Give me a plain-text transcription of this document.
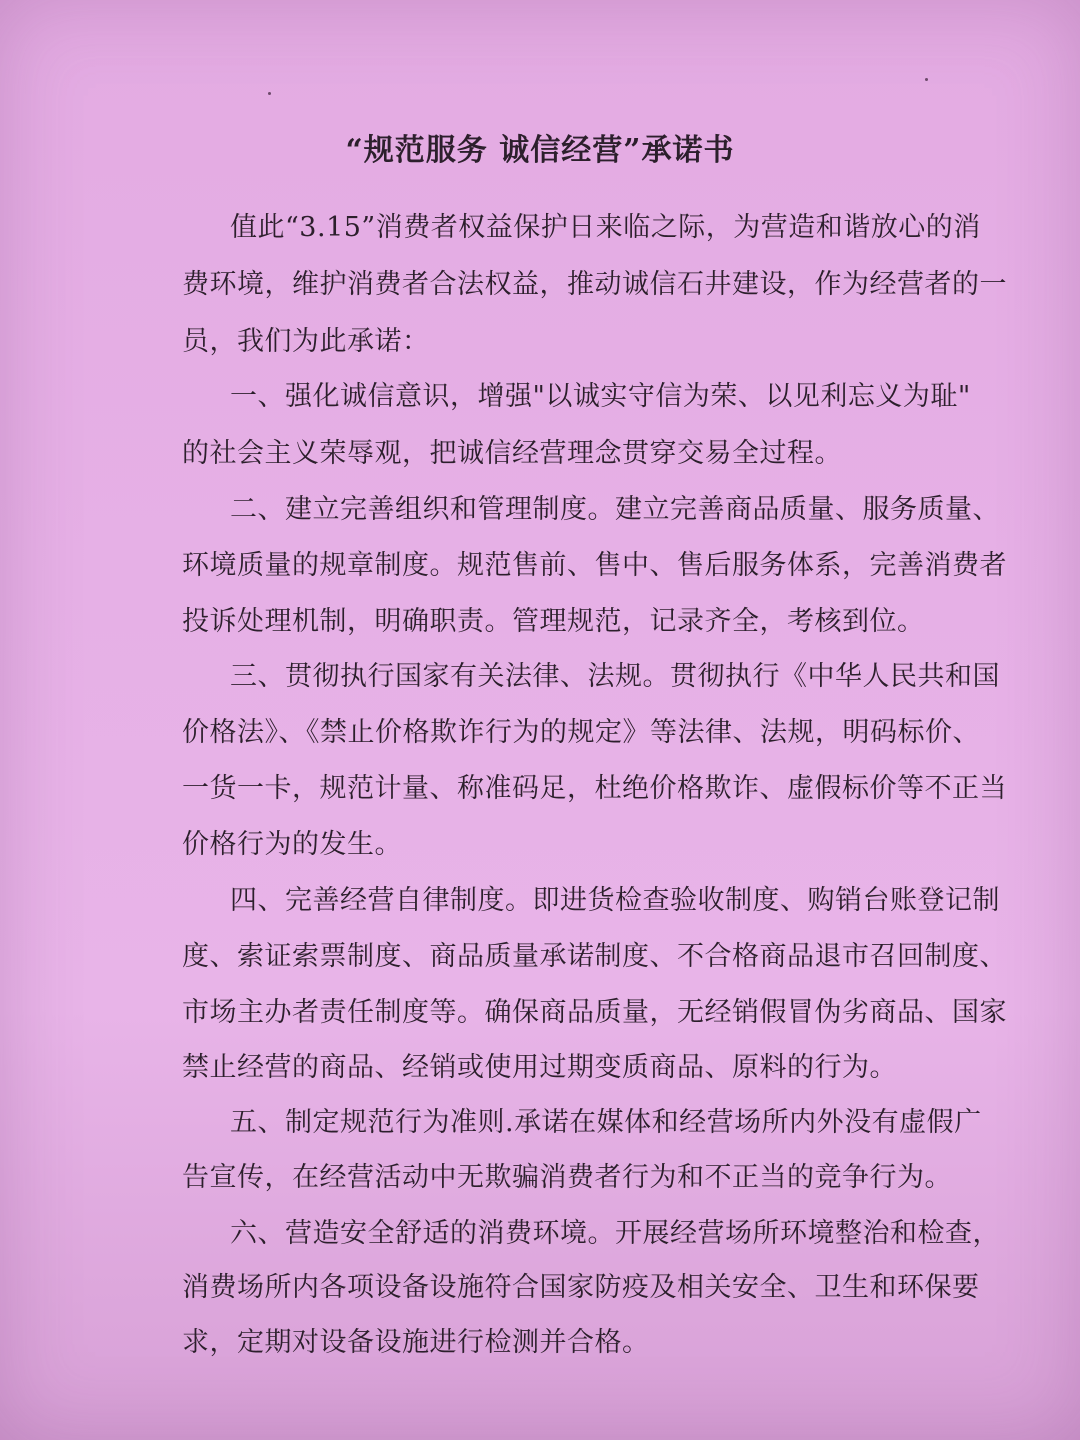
“规范服务 诚信经营”承诺书
值此“3.15”消费者权益保护日来临之际，为营造和谐放心的消
费环境，维护消费者合法权益，推动诚信石井建设，作为经营者的一
员，我们为此承诺：
一、强化诚信意识，增强"以诚实守信为荣、以见利忘义为耻"
的社会主义荣辱观，把诚信经营理念贯穿交易全过程。
二、建立完善组织和管理制度。建立完善商品质量、服务质量、
环境质量的规章制度。规范售前、售中、售后服务体系，完善消费者
投诉处理机制，明确职责。管理规范，记录齐全，考核到位。
三、贯彻执行国家有关法律、法规。贯彻执行《中华人民共和国
价格法》、《禁止价格欺诈行为的规定》等法律、法规，明码标价、
一货一卡，规范计量、称准码足，杜绝价格欺诈、虚假标价等不正当
价格行为的发生。
四、完善经营自律制度。即进货检查验收制度、购销台账登记制
度、索证索票制度、商品质量承诺制度、不合格商品退市召回制度、
市场主办者责任制度等。确保商品质量，无经销假冒伪劣商品、国家
禁止经营的商品、经销或使用过期变质商品、原料的行为。
五、制定规范行为准则.承诺在媒体和经营场所内外没有虚假广
告宣传，在经营活动中无欺骗消费者行为和不正当的竞争行为。
六、营造安全舒适的消费环境。开展经营场所环境整治和检查，
消费场所内各项设备设施符合国家防疫及相关安全、卫生和环保要
求，定期对设备设施进行检测并合格。
